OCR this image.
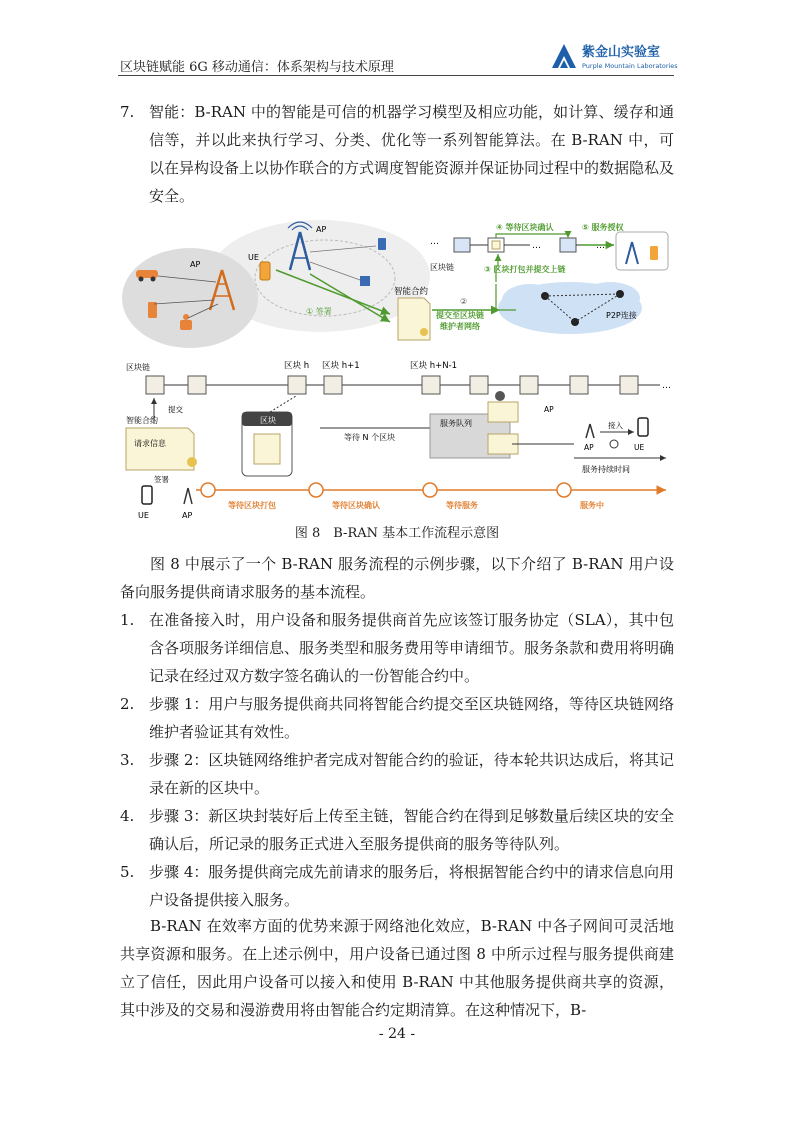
区块链赋能 6G 移动通信：体系架构与技术原理
紫金山实验室
Purple Mountain Laboratories
7. 智能：B-RAN 中的智能是可信的机器学习模型及相应功能，如计算、缓存和通信等，并以此来执行学习、分类、优化等一系列智能算法。在 B-RAN 中，可以在异构设备上以协作联合的方式调度智能资源并保证协同过程中的数据隐私及安全。
AP
AP
UE
智能合约
① 签署
②
提交至区块链
维护者网络
P2P连接
…	…	…
区块链
④ 等待区块确认	⑤ 服务授权
③ 区块打包并提交上链
…
区块链	区块 h 区块 h+1	区块 h+N-1
智能合约
提交
请求信息
签署
UE	AP
区块
等待 N 个区块
服务队列
AP
接入
AP	UE
服务持续时间
等待区块打包	等待区块确认	等待服务	服务中
图 8　B-RAN 基本工作流程示意图
图 8 中展示了一个 B-RAN 服务流程的示例步骤，以下介绍了 B-RAN 用户设备向服务提供商请求服务的基本流程。
1. 在准备接入时，用户设备和服务提供商首先应该签订服务协定（SLA），其中包含各项服务详细信息、服务类型和服务费用等申请细节。服务条款和费用将明确记录在经过双方数字签名确认的一份智能合约中。
2. 步骤 1：用户与服务提供商共同将智能合约提交至区块链网络，等待区块链网络维护者验证其有效性。
3. 步骤 2：区块链网络维护者完成对智能合约的验证，待本轮共识达成后，将其记录在新的区块中。
4. 步骤 3：新区块封装好后上传至主链，智能合约在得到足够数量后续区块的安全确认后，所记录的服务正式进入至服务提供商的服务等待队列。
5. 步骤 4：服务提供商完成先前请求的服务后，将根据智能合约中的请求信息向用户设备提供接入服务。
B-RAN 在效率方面的优势来源于网络池化效应，B-RAN 中各子网间可灵活地共享资源和服务。在上述示例中，用户设备已通过图 8 中所示过程与服务提供商建立了信任，因此用户设备可以接入和使用 B-RAN 中其他服务提供商共享的资源，其中涉及的交易和漫游费用将由智能合约定期清算。在这种情况下，B-
- 24 -
